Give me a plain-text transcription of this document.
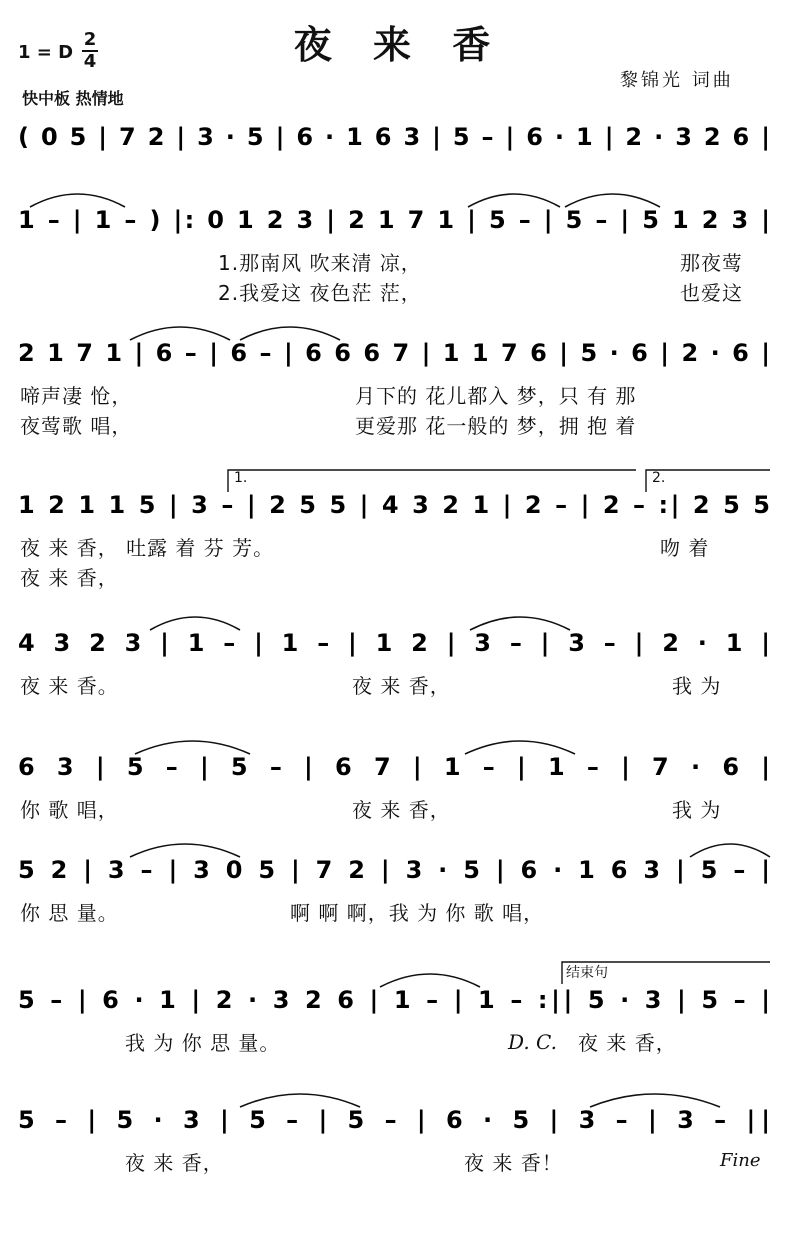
夜 来 香
1 = D
2
4
快中板 热情地
黎锦光 词曲
( 0 5 | 7 2 | 3 · 5 | 6 · 1 6 3 | 5 – | 6 · 1 | 2 · 3 2 6 |
1 – | 1 – ) |: 0 1 2 3 | 2 1 7 1 | 5 – | 5 – | 5 1 2 3 |
2 1 7 1 | 6 – | 6 – | 6 6 6 7 | 1 1 7 6 | 5 · 6 | 2 · 6 |
1 2 1 1 5 | 3 – | 2 5 5 | 4 3 2 1 | 2 – | 2 – :| 2 5 5
4 3 2 3 | 1 – | 1 – | 1 2 | 3 – | 3 – | 2 · 1 |
6 3 | 5 – | 5 – | 6 7 | 1 – | 1 – | 7 · 6 |
5 2 | 3 – | 3 0 5 | 7 2 | 3 · 5 | 6 · 1 6 3 | 5 – |
5 – | 6 · 1 | 2 · 3 2 6 | 1 – | 1 – :|| 5 · 3 | 5 – |
5 – | 5 · 3 | 5 – | 5 – | 6 · 5 | 3 – | 3 – ||
1.那南风 吹来清 凉，	那夜莺
2.我爱这 夜色茫 茫，	也爱这
啼声凄 怆，	月下的 花儿都入 梦，只 有 那
夜莺歌 唱，	更爱那 花一般的 梦，拥 抱 着
夜 来 香， 吐露 着 芬 芳。	吻 着
夜 来 香，
夜 来 香。	夜 来 香，	我 为
你 歌 唱，	夜 来 香，	我 为
你 思 量。	啊 啊 啊，我 为 你 歌 唱，
我 为 你 思 量。	夜 来 香，
夜 来 香，	夜 来 香！
D. C.
结束句
Fine
1.	2.
